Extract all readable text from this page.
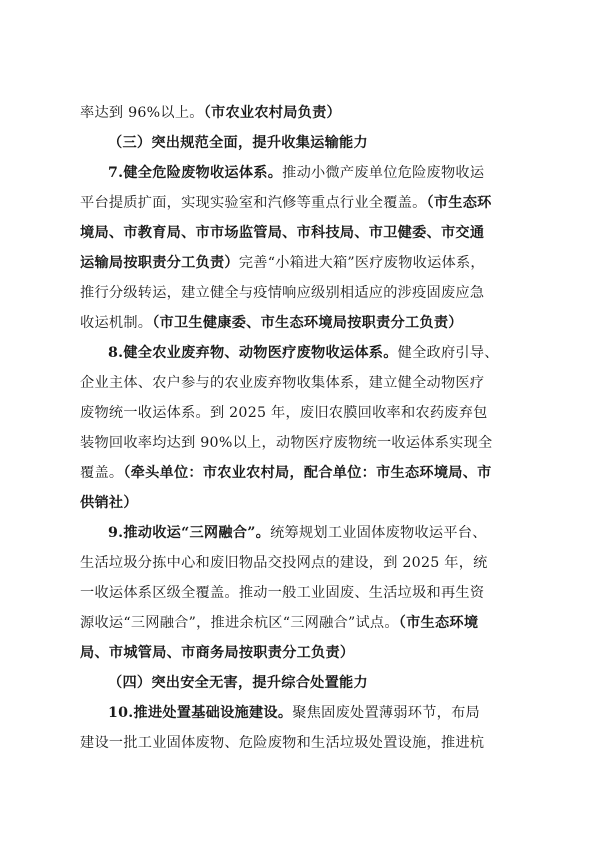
率达到 96%以上。（市农业农村局负责）
（三）突出规范全面，提升收集运输能力
7.健全危险废物收运体系。推动小微产废单位危险废物收运
平台提质扩面，实现实验室和汽修等重点行业全覆盖。（市生态环
境局、市教育局、市市场监管局、市科技局、市卫健委、市交通
运输局按职责分工负责）完善“小箱进大箱”医疗废物收运体系，
推行分级转运，建立健全与疫情响应级别相适应的涉疫固废应急
收运机制。（市卫生健康委、市生态环境局按职责分工负责）
8.健全农业废弃物、动物医疗废物收运体系。健全政府引导、
企业主体、农户参与的农业废弃物收集体系，建立健全动物医疗
废物统一收运体系。到 2025 年，废旧农膜回收率和农药废弃包
装物回收率均达到 90%以上，动物医疗废物统一收运体系实现全
覆盖。（牵头单位：市农业农村局，配合单位：市生态环境局、市
供销社）
9.推动收运“三网融合”。统筹规划工业固体废物收运平台、
生活垃圾分拣中心和废旧物品交投网点的建设，到 2025 年，统
一收运体系区级全覆盖。推动一般工业固废、生活垃圾和再生资
源收运“三网融合”，推进余杭区“三网融合”试点。（市生态环境
局、市城管局、市商务局按职责分工负责）
（四）突出安全无害，提升综合处置能力
10.推进处置基础设施建设。聚焦固废处置薄弱环节，布局
建设一批工业固体废物、危险废物和生活垃圾处置设施，推进杭
